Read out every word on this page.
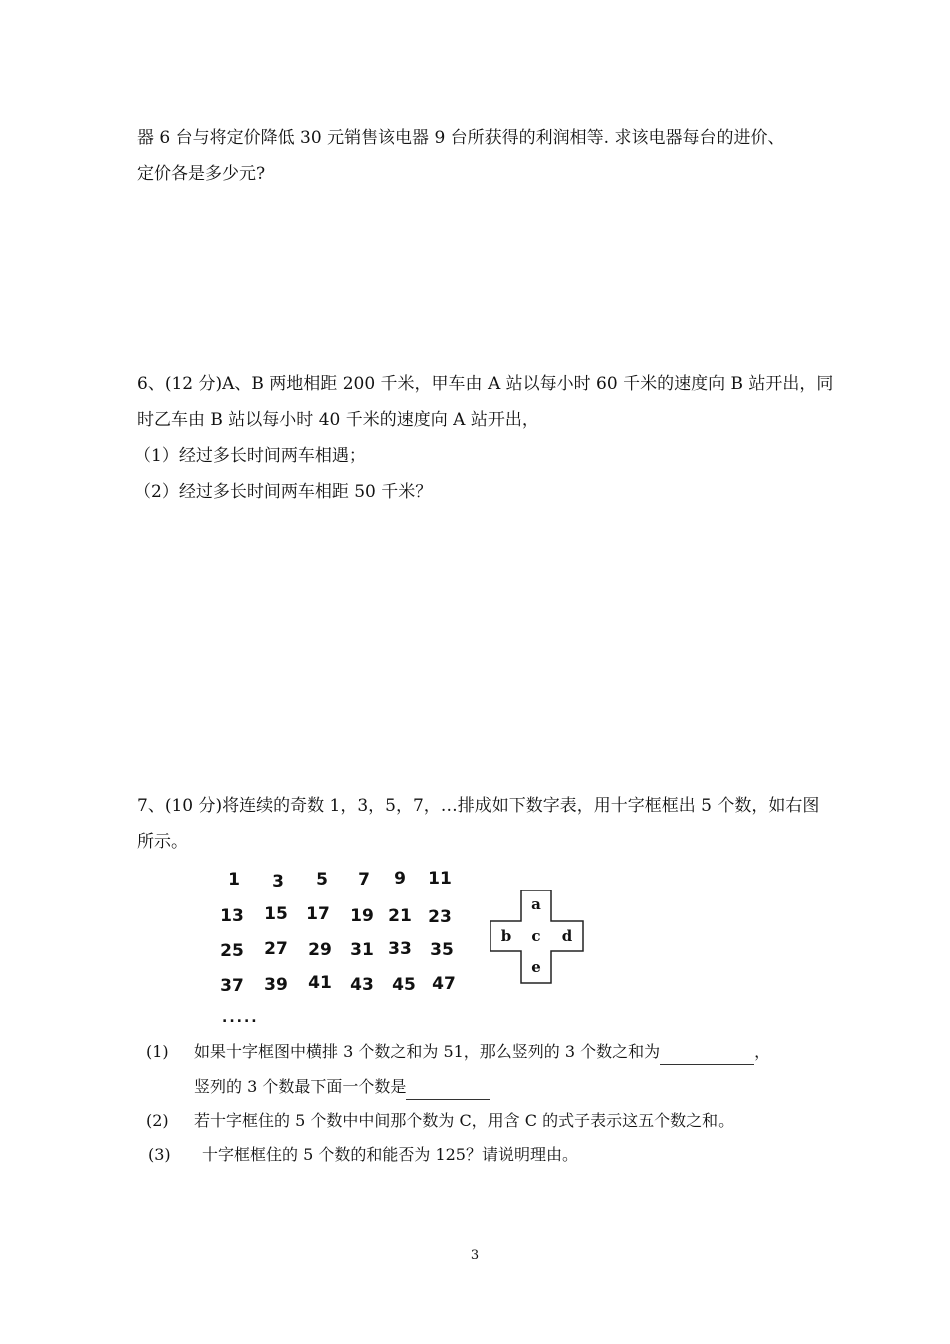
器 6 台与将定价降低 30 元销售该电器 9 台所获得的利润相等. 求该电器每台的进价、
定价各是多少元?
6、(12 分)A、B 两地相距 200 千米，甲车由 A 站以每小时 60 千米的速度向 B 站开出，同
时乙车由 B 站以每小时 40 千米的速度向 A 站开出，
（1）经过多长时间两车相遇；
（2）经过多长时间两车相距 50 千米？
7、(10 分)将连续的奇数 1，3，5，7，…排成如下数字表，用十字框框出 5 个数，如右图
所示。
1	3	5	7	9	11
13	15	17	19 21 23
25	27	29	31 33	35
37	39	41	43	45 47
.....
a
b	c	d
e
(1) 如果十字框图中横排 3 个数之和为 51，那么竖列的 3 个数之和为	，
竖列的 3 个数最下面一个数是
(2) 若十字框住的 5 个数中中间那个数为 C，用含 C 的式子表示这五个数之和。
(3) 十字框框住的 5 个数的和能否为 125？请说明理由。
3
